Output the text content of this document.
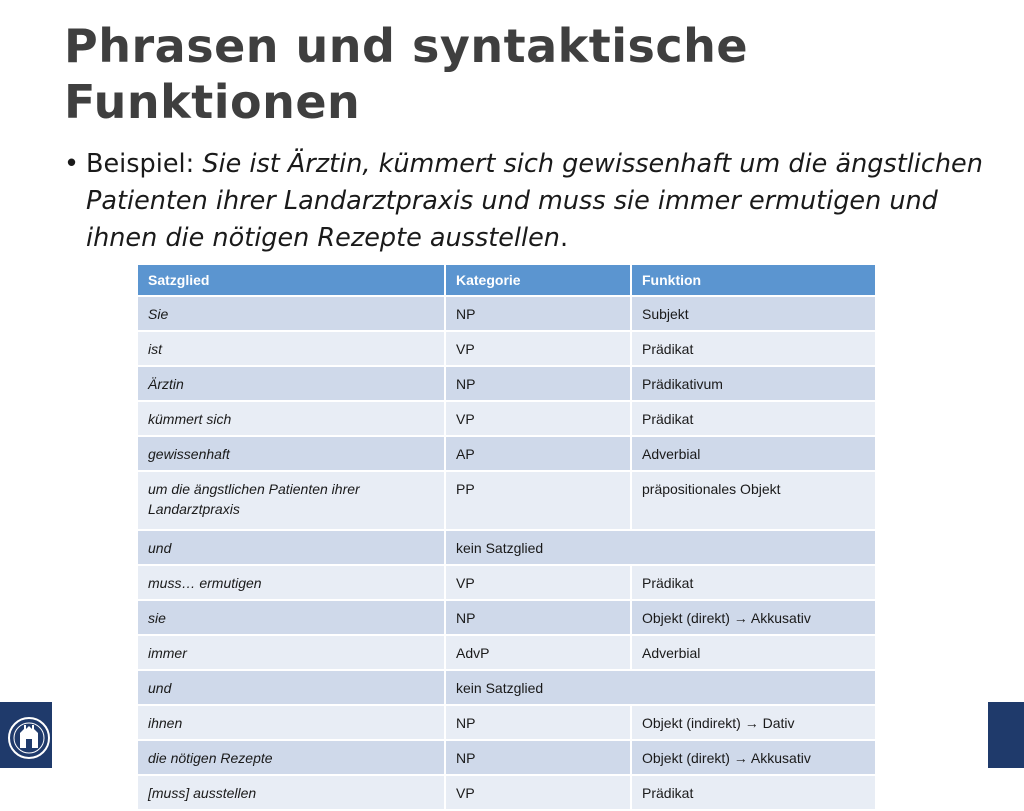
Phrasen und syntaktische
Funktionen
• Beispiel: Sie ist Ärztin, kümmert sich gewissenhaft um die ängstlichen Patienten ihrer Landarztpraxis und muss sie immer ermutigen und ihnen die nötigen Rezepte ausstellen.
Satzglied	Kategorie	Funktion
Sie	NP	Subjekt
ist	VP	Prädikat
Ärztin	NP	Prädikativum
kümmert sich	VP	Prädikat
gewissenhaft	AP	Adverbial
um die ängstlichen Patienten ihrer Landarztpraxis	PP	präpositionales Objekt
und	kein Satzglied	
muss… ermutigen	VP	Prädikat
sie	NP	Objekt (direkt) → Akkusativ
immer	AdvP	Adverbial
und	kein Satzglied	
ihnen	NP	Objekt (indirekt) → Dativ
die nötigen Rezepte	NP	Objekt (direkt) → Akkusativ
[muss] ausstellen	VP	Prädikat
